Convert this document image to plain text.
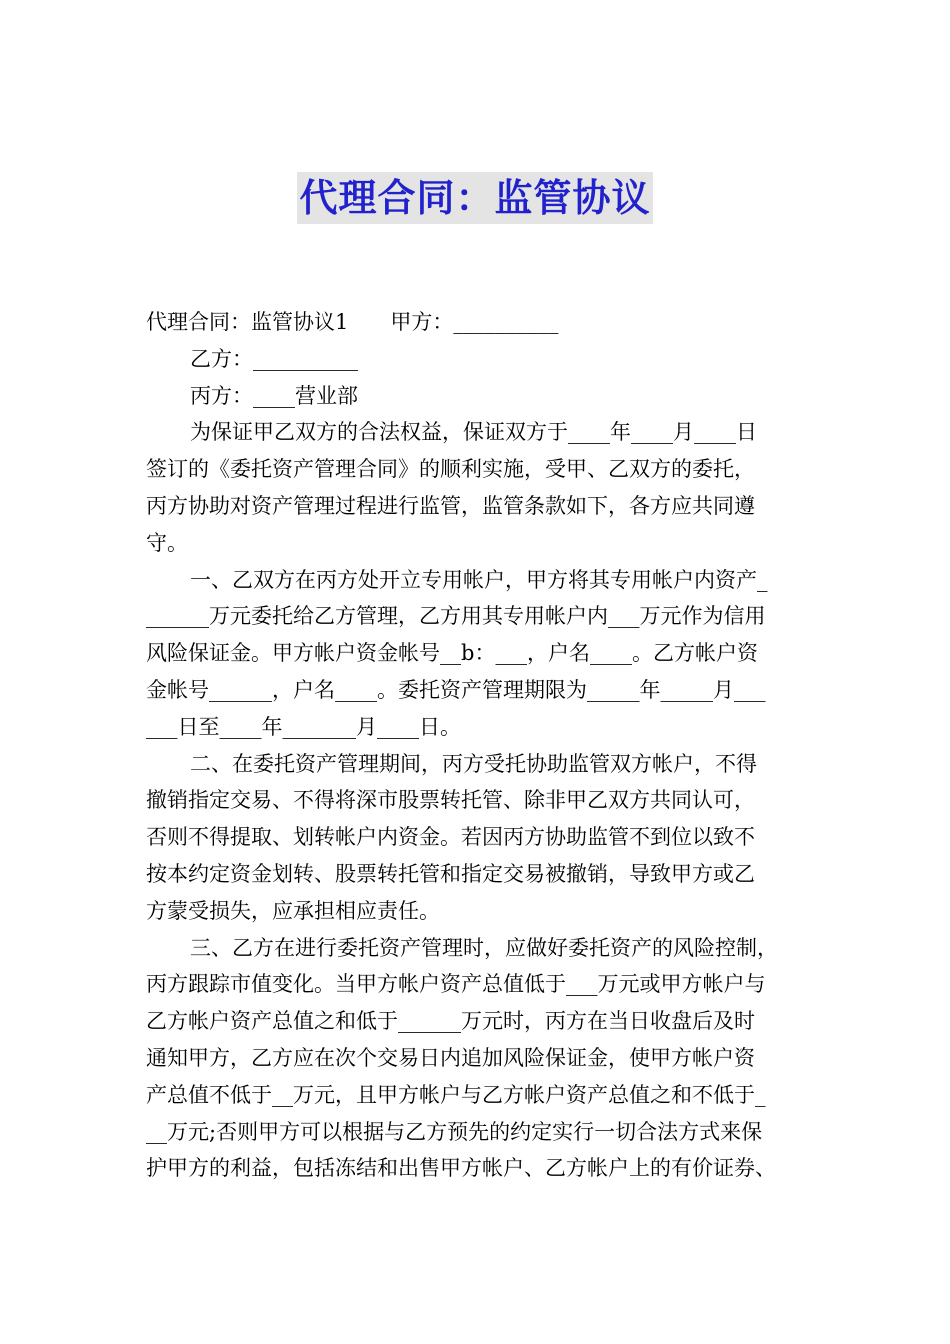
代理合同：监管协议
代理合同：监管协议1　　甲方：__________
乙方：__________
丙方：____营业部
为保证甲乙双方的合法权益，保证双方于____年____月____日
签订的《委托资产管理合同》的顺利实施，受甲、乙双方的委托，
丙方协助对资产管理过程进行监管，监管条款如下，各方应共同遵
守。
一、乙双方在丙方处开立专用帐户，甲方将其专用帐户内资产_
______万元委托给乙方管理，乙方用其专用帐户内___万元作为信用
风险保证金。甲方帐户资金帐号__b：___，户名____。乙方帐户资
金帐号______，户名____。委托资产管理期限为_____年_____月___
___日至____年_______月____日。
二、在委托资产管理期间，丙方受托协助监管双方帐户，不得
撤销指定交易、不得将深市股票转托管、除非甲乙双方共同认可，
否则不得提取、划转帐户内资金。若因丙方协助监管不到位以致不
按本约定资金划转、股票转托管和指定交易被撤销，导致甲方或乙
方蒙受损失，应承担相应责任。
三、乙方在进行委托资产管理时，应做好委托资产的风险控制，
丙方跟踪市值变化。当甲方帐户资产总值低于___万元或甲方帐户与
乙方帐户资产总值之和低于______万元时，丙方在当日收盘后及时
通知甲方，乙方应在次个交易日内追加风险保证金，使甲方帐户资
产总值不低于__万元，且甲方帐户与乙方帐户资产总值之和不低于_
__万元;否则甲方可以根据与乙方预先的约定实行一切合法方式来保
护甲方的利益，包括冻结和出售甲方帐户、乙方帐户上的有价证券、
